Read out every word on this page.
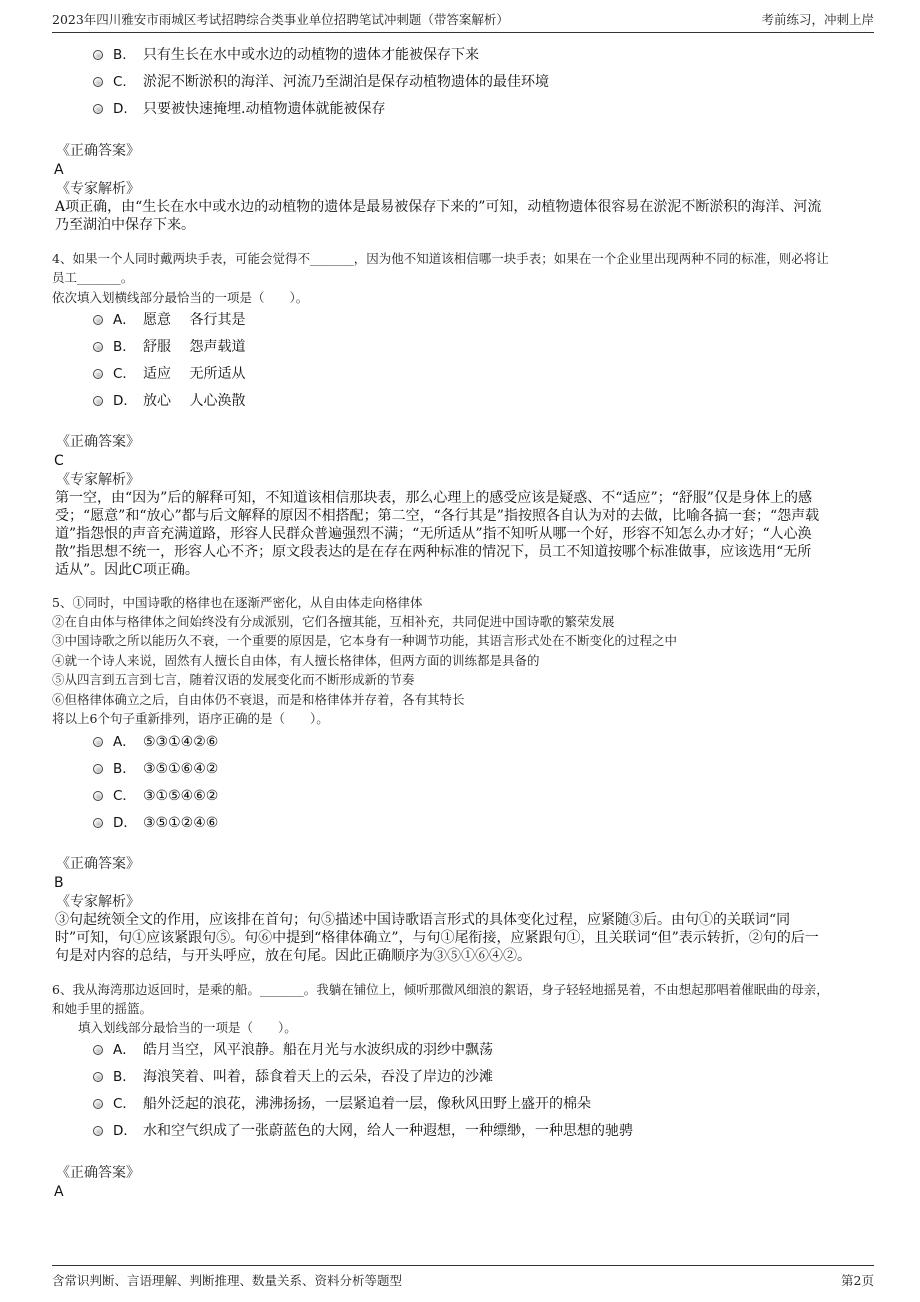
2023年四川雅安市雨城区考试招聘综合类事业单位招聘笔试冲刺题（带答案解析）	考前练习，冲刺上岸
B. 只有生长在水中或水边的动植物的遗体才能被保存下来
C. 淤泥不断淤积的海洋、河流乃至湖泊是保存动植物遗体的最佳环境
D. 只要被快速掩埋.动植物遗体就能被保存
《正确答案》
A
《专家解析》
A项正确，由“生长在水中或水边的动植物的遗体是最易被保存下来的”可知，动植物遗体很容易在淤泥不断淤积的海洋、河流
乃至湖泊中保存下来。
4、如果一个人同时戴两块手表，可能会觉得不_______，因为他不知道该相信哪一块手表；如果在一个企业里出现两种不同的标准，则必将让
员工_______。
依次填入划横线部分最恰当的一项是（　　）。
A． 愿意　 各行其是
B． 舒服　 怨声载道
C． 适应　 无所适从
D． 放心　 人心涣散
《正确答案》
C
《专家解析》
第一空，由“因为”后的解释可知，不知道该相信那块表，那么心理上的感受应该是疑惑、不“适应”；“舒服”仅是身体上的感
受；“愿意”和“放心”都与后文解释的原因不相搭配；第二空，“各行其是”指按照各自认为对的去做，比喻各搞一套；“怨声载
道”指怨恨的声音充满道路，形容人民群众普遍强烈不满；“无所适从”指不知听从哪一个好，形容不知怎么办才好；“人心涣
散”指思想不统一，形容人心不齐；原文段表达的是在存在两种标准的情况下，员工不知道按哪个标准做事，应该选用“无所
适从”。因此C项正确。
5、①同时，中国诗歌的格律也在逐渐严密化，从自由体走向格律体
②在自由体与格律体之间始终没有分成派别，它们各擅其能，互相补充，共同促进中国诗歌的繁荣发展
③中国诗歌之所以能历久不衰，一个重要的原因是，它本身有一种调节功能，其语言形式处在不断变化的过程之中
④就一个诗人来说，固然有人擅长自由体，有人擅长格律体，但两方面的训练都是具备的
⑤从四言到五言到七言，随着汉语的发展变化而不断形成新的节奏
⑥但格律体确立之后，自由体仍不衰退，而是和格律体并存着，各有其特长
将以上6个句子重新排列，语序正确的是（　　）。
A． ⑤③①④②⑥
B． ③⑤①⑥④②
C． ③①⑤④⑥②
D． ③⑤①②④⑥
《正确答案》
B
《专家解析》
③句起统领全文的作用，应该排在首句；句⑤描述中国诗歌语言形式的具体变化过程，应紧随③后。由句①的关联词“同
时”可知，句①应该紧跟句⑤。句⑥中提到“格律体确立”，与句①尾衔接，应紧跟句①，且关联词“但”表示转折，②句的后一
句是对内容的总结，与开头呼应，放在句尾。因此正确顺序为③⑤①⑥④②。
6、我从海湾那边返回时，是乘的船。_______。我躺在铺位上，倾听那微风细浪的絮语，身子轻轻地摇晃着，不由想起那唱着催眠曲的母亲，
和她手里的摇篮。
填入划线部分最恰当的一项是（　　）。
A． 皓月当空，风平浪静。船在月光与水波织成的羽纱中飘荡
B． 海浪笑着、叫着，舔食着天上的云朵，吞没了岸边的沙滩
C． 船外泛起的浪花，沸沸扬扬，一层紧追着一层，像秋风田野上盛开的棉朵
D． 水和空气织成了一张蔚蓝色的大网，给人一种遐想，一种缥缈，一种思想的驰骋
《正确答案》
A
含常识判断、言语理解、判断推理、数量关系、资料分析等题型	第2页
